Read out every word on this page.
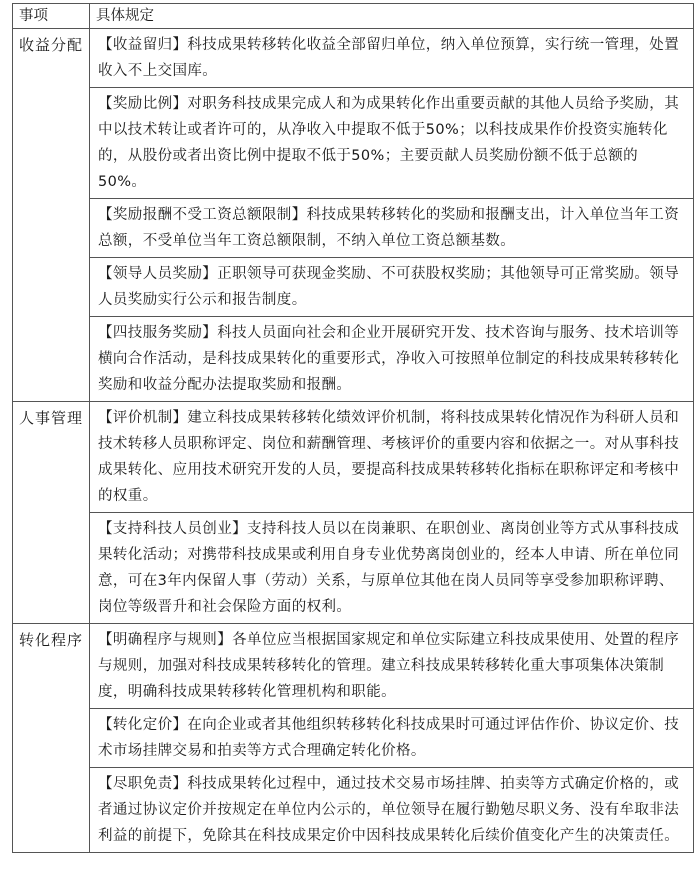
事项	具体规定
收益分配	【收益留归】科技成果转移转化收益全部留归单位，纳入单位预算，实行统一管理，处置收入不上交国库。
	【奖励比例】对职务科技成果完成人和为成果转化作出重要贡献的其他人员给予奖励，其中以技术转让或者许可的，从净收入中提取不低于50%；以科技成果作价投资实施转化的，从股份或者出资比例中提取不低于50%；主要贡献人员奖励份额不低于总额的50%。
	【奖励报酬不受工资总额限制】科技成果转移转化的奖励和报酬支出，计入单位当年工资总额，不受单位当年工资总额限制，不纳入单位工资总额基数。
	【领导人员奖励】正职领导可获现金奖励、不可获股权奖励；其他领导可正常奖励。领导人员奖励实行公示和报告制度。
	【四技服务奖励】科技人员面向社会和企业开展研究开发、技术咨询与服务、技术培训等横向合作活动，是科技成果转化的重要形式，净收入可按照单位制定的科技成果转移转化奖励和收益分配办法提取奖励和报酬。
人事管理	【评价机制】建立科技成果转移转化绩效评价机制，将科技成果转化情况作为科研人员和技术转移人员职称评定、岗位和薪酬管理、考核评价的重要内容和依据之一。对从事科技成果转化、应用技术研究开发的人员，要提高科技成果转移转化指标在职称评定和考核中的权重。
	【支持科技人员创业】支持科技人员以在岗兼职、在职创业、离岗创业等方式从事科技成果转化活动；对携带科技成果或利用自身专业优势离岗创业的，经本人申请、所在单位同意，可在3年内保留人事（劳动）关系，与原单位其他在岗人员同等享受参加职称评聘、岗位等级晋升和社会保险方面的权利。
转化程序	【明确程序与规则】各单位应当根据国家规定和单位实际建立科技成果使用、处置的程序与规则，加强对科技成果转移转化的管理。建立科技成果转移转化重大事项集体决策制度，明确科技成果转移转化管理机构和职能。
	【转化定价】在向企业或者其他组织转移转化科技成果时可通过评估作价、协议定价、技术市场挂牌交易和拍卖等方式合理确定转化价格。
	【尽职免责】科技成果转化过程中，通过技术交易市场挂牌、拍卖等方式确定价格的，或者通过协议定价并按规定在单位内公示的，单位领导在履行勤勉尽职义务、没有牟取非法利益的前提下，免除其在科技成果定价中因科技成果转化后续价值变化产生的决策责任。
